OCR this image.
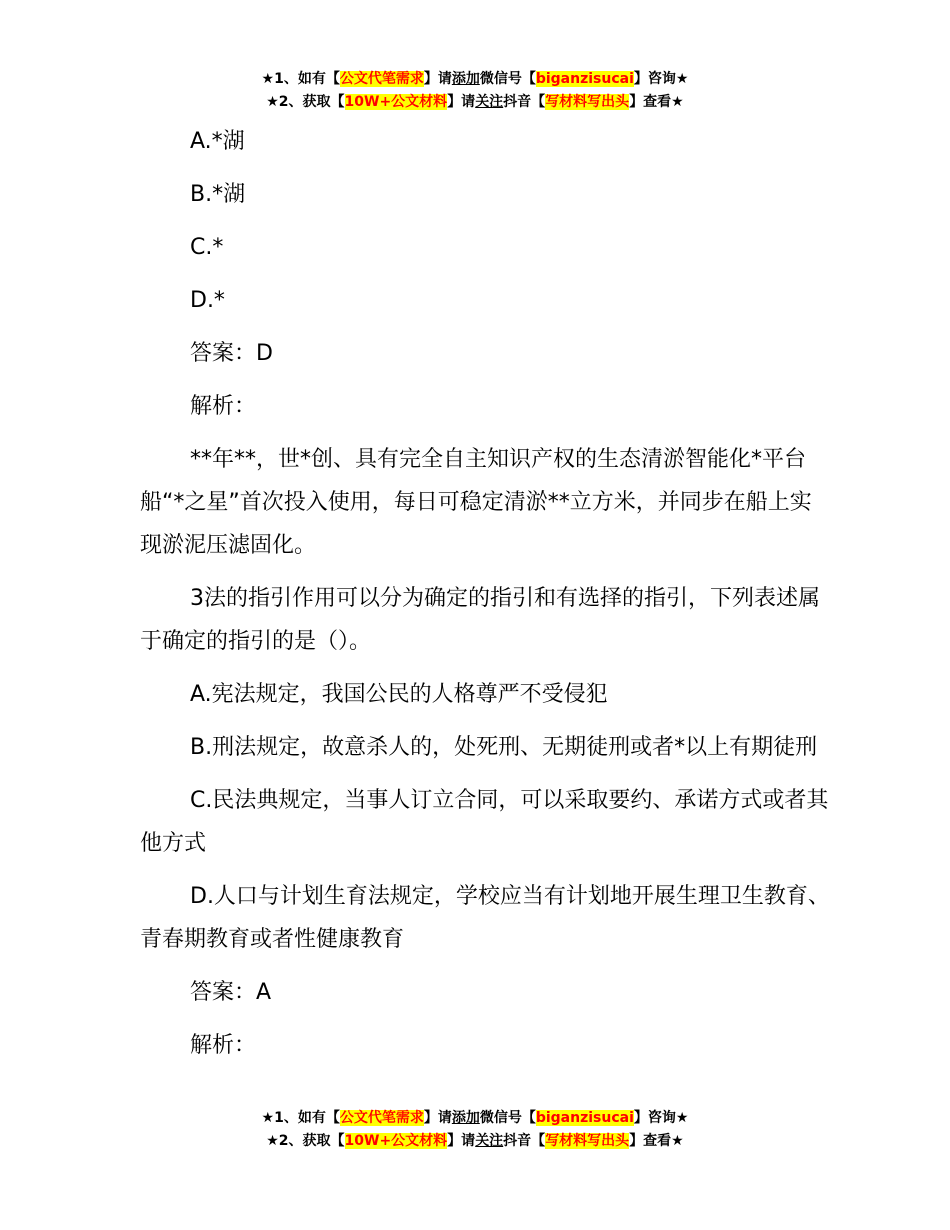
★1、如有【公文代笔需求】请添加微信号【biganzisucai】咨询★
★2、获取【10W+公文材料】请关注抖音【写材料写出头】查看★

A.*湖

B.*湖

C.*

D.*

答案：D

解析：

**年**，世*创、具有完全自主知识产权的生态清淤智能化*平台船“*之星”首次投入使用，每日可稳定清淤**立方米，并同步在船上实现淤泥压滤固化。

3法的指引作用可以分为确定的指引和有选择的指引，下列表述属于确定的指引的是（）。

A.宪法规定，我国公民的人格尊严不受侵犯

B.刑法规定，故意杀人的，处死刑、无期徒刑或者*以上有期徒刑

C.民法典规定，当事人订立合同，可以采取要约、承诺方式或者其他方式

D.人口与计划生育法规定，学校应当有计划地开展生理卫生教育、青春期教育或者性健康教育

答案：A

解析：

★1、如有【公文代笔需求】请添加微信号【biganzisucai】咨询★
★2、获取【10W+公文材料】请关注抖音【写材料写出头】查看★
